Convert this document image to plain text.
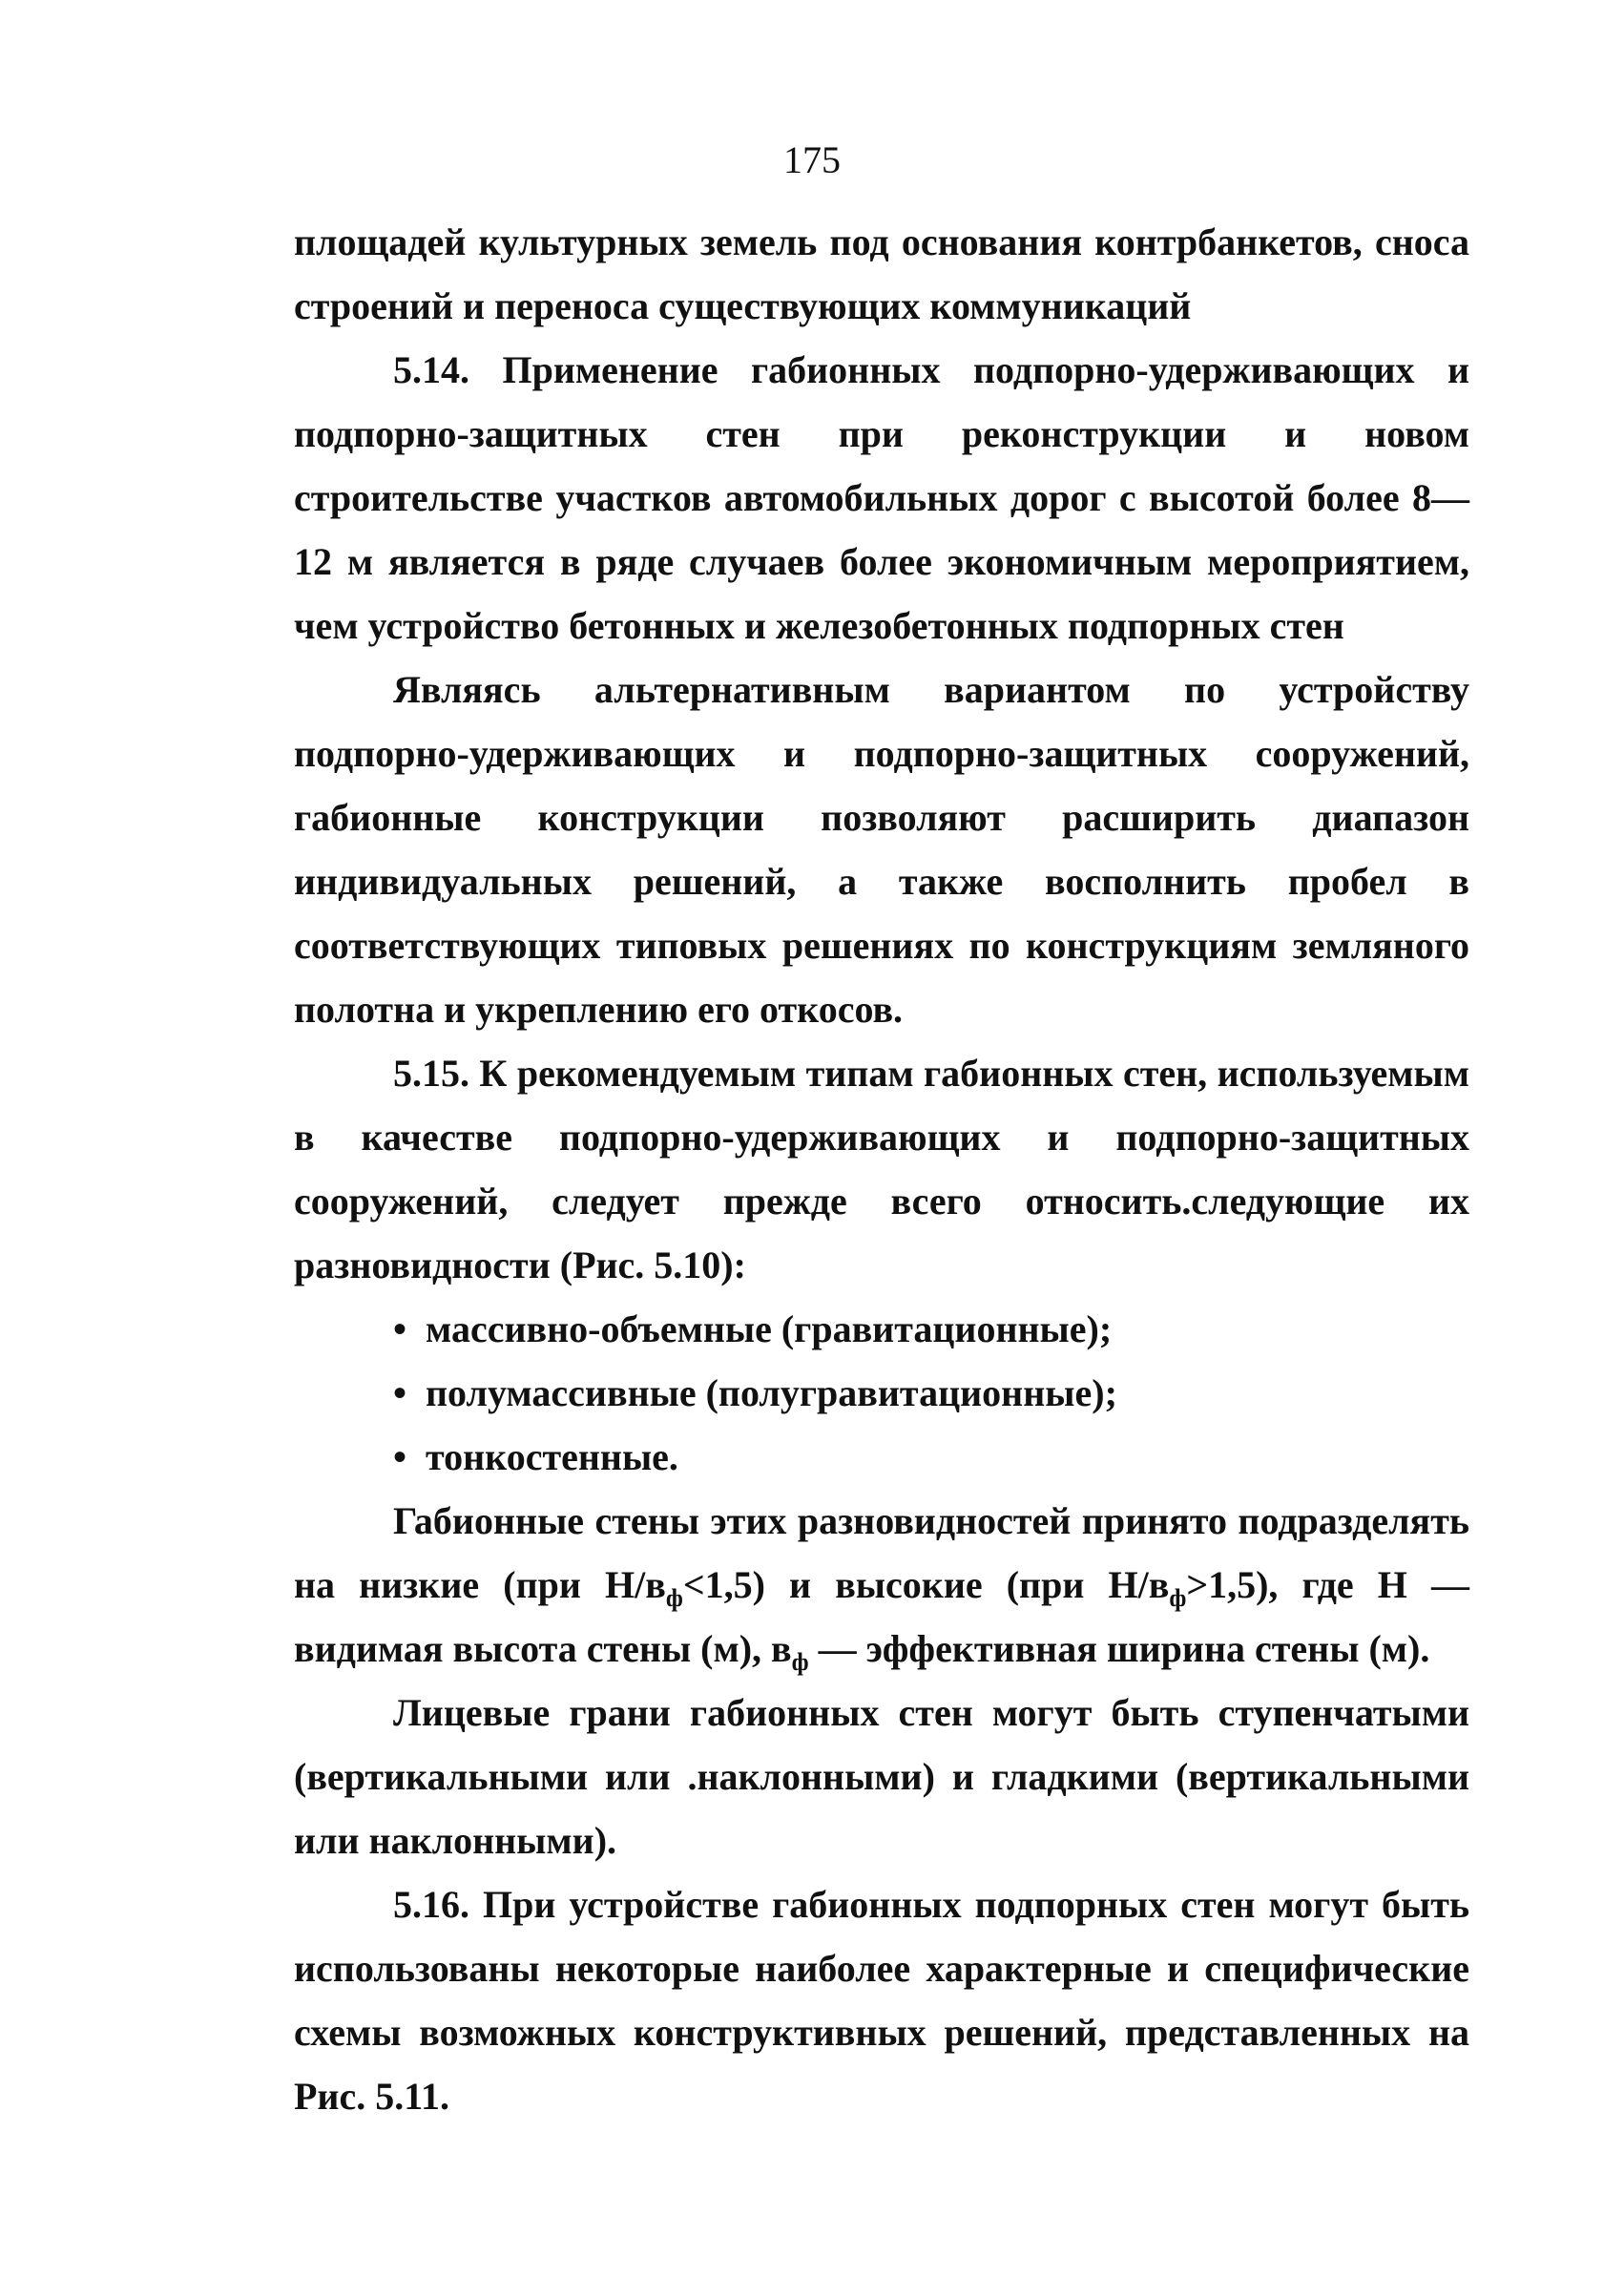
175

площадей культурных земель под основания контрбанкетов, сноса строений и переноса существующих коммуникаций

5.14. Применение габионных подпорно-удерживающих и подпорно-защитных стен при реконструкции и новом строительстве участков автомобильных дорог с высотой более 8—12 м является в ряде случаев более экономичным мероприятием, чем устройство бетонных и железобетонных подпорных стен

Являясь альтернативным вариантом по устройству подпорно-удерживающих и подпорно-защитных сооружений, габионные конструкции позволяют расширить диапазон индивидуальных решений, а также восполнить пробел в соответствующих типовых решениях по конструкциям земляного полотна и укреплению его откосов.

5.15. К рекомендуемым типам габионных стен, используемым в качестве подпорно-удерживающих и подпорно-защитных сооружений, следует прежде всего относить.следующие их разновидности (Рис. 5.10):

• массивно-объемные (гравитационные);
• полумассивные (полугравитационные);
• тонкостенные.

Габионные стены этих разновидностей принято подразделять на низкие (при $Н/в_ф<1,5$) и высокие (при $Н/в_ф>1,5$), где Н — видимая высота стены (м), $в_ф$ — эффективная ширина стены (м).

Лицевые грани габионных стен могут быть ступенчатыми (вертикальными или .наклонными) и гладкими (вертикальными или наклонными).

5.16. При устройстве габионных подпорных стен могут быть использованы некоторые наиболее характерные и специфические схемы возможных конструктивных решений, представленных на Рис. 5.11.
